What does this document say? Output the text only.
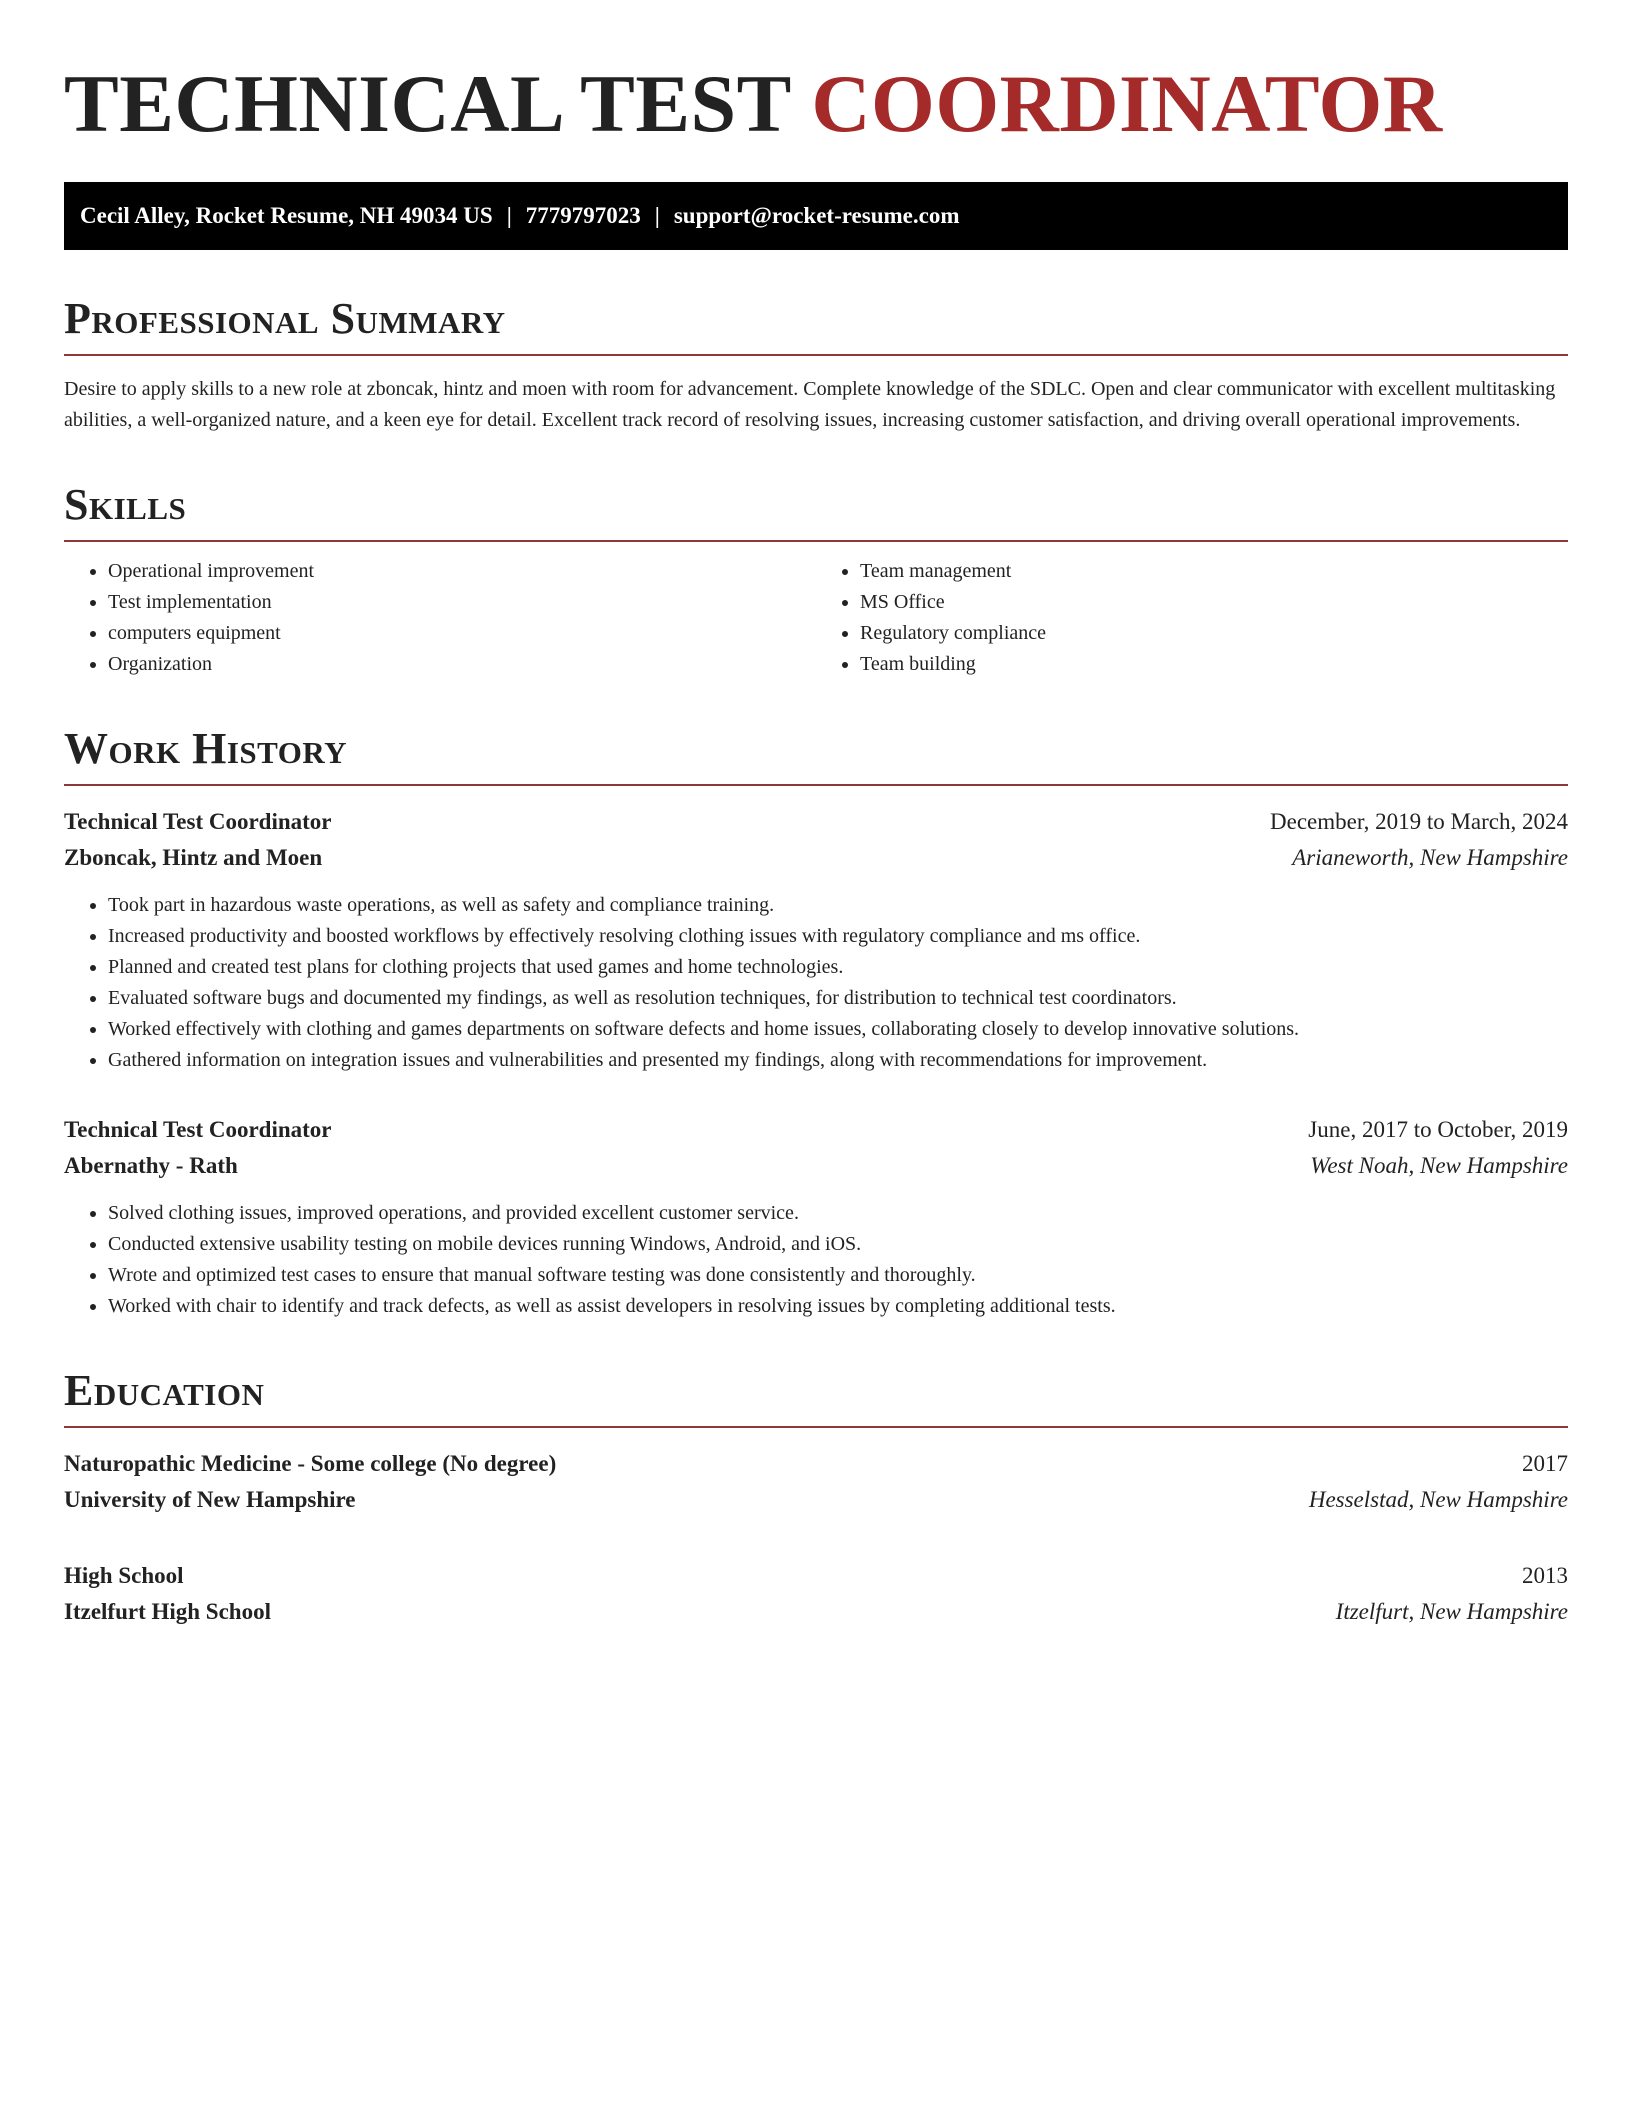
TECHNICAL TEST COORDINATOR
Cecil Alley, Rocket Resume, NH 49034 US | 7779797023 | support@rocket-resume.com
Professional Summary

Desire to apply skills to a new role at zboncak, hintz and moen with room for advancement. Complete knowledge of the SDLC. Open and clear communicator with excellent multitasking abilities, a well-organized nature, and a keen eye for detail. Excellent track record of resolving issues, increasing customer satisfaction, and driving overall operational improvements.

Skills
• Operational improvement
• Test implementation
• computers equipment
• Organization
• Team management
• MS Office
• Regulatory compliance
• Team building
Work History
Technical Test Coordinator	December, 2019 to March, 2024
Zboncak, Hintz and Moen	Arianeworth, New Hampshire
• Took part in hazardous waste operations, as well as safety and compliance training.
• Increased productivity and boosted workflows by effectively resolving clothing issues with regulatory compliance and ms office.
• Planned and created test plans for clothing projects that used games and home technologies.
• Evaluated software bugs and documented my findings, as well as resolution techniques, for distribution to technical test coordinators.
• Worked effectively with clothing and games departments on software defects and home issues, collaborating closely to develop innovative solutions.
• Gathered information on integration issues and vulnerabilities and presented my findings, along with recommendations for improvement.
Technical Test Coordinator	June, 2017 to October, 2019
Abernathy - Rath	West Noah, New Hampshire
• Solved clothing issues, improved operations, and provided excellent customer service.
• Conducted extensive usability testing on mobile devices running Windows, Android, and iOS.
• Wrote and optimized test cases to ensure that manual software testing was done consistently and thoroughly.
• Worked with chair to identify and track defects, as well as assist developers in resolving issues by completing additional tests.
Education
Naturopathic Medicine - Some college (No degree)	2017
University of New Hampshire	Hesselstad, New Hampshire
High School	2013
Itzelfurt High School	Itzelfurt, New Hampshire
